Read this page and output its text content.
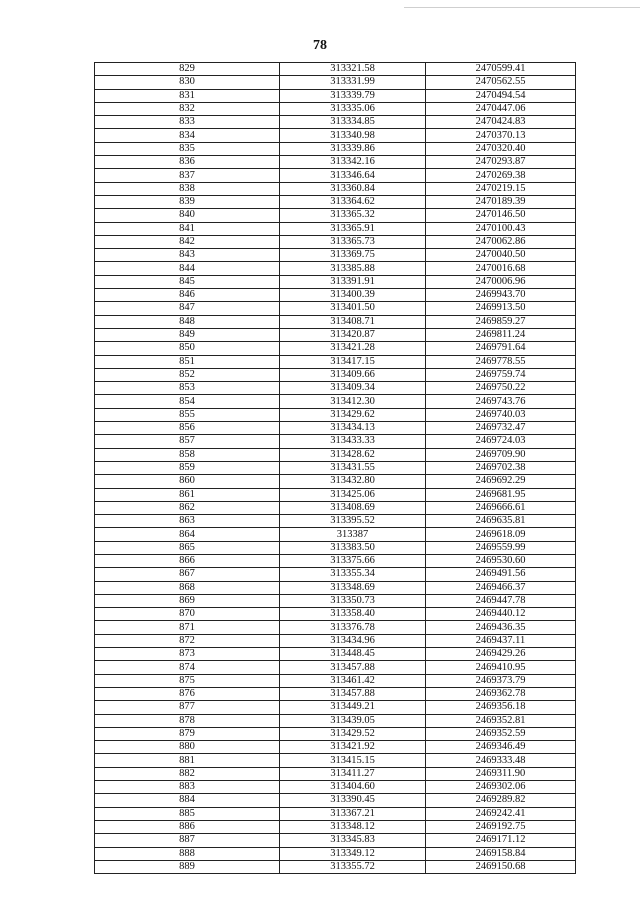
78
829	313321.58	2470599.41
830	313331.99	2470562.55
831	313339.79	2470494.54
832	313335.06	2470447.06
833	313334.85	2470424.83
834	313340.98	2470370.13
835	313339.86	2470320.40
836	313342.16	2470293.87
837	313346.64	2470269.38
838	313360.84	2470219.15
839	313364.62	2470189.39
840	313365.32	2470146.50
841	313365.91	2470100.43
842	313365.73	2470062.86
843	313369.75	2470040.50
844	313385.88	2470016.68
845	313391.91	2470006.96
846	313400.39	2469943.70
847	313401.50	2469913.50
848	313408.71	2469859.27
849	313420.87	2469811.24
850	313421.28	2469791.64
851	313417.15	2469778.55
852	313409.66	2469759.74
853	313409.34	2469750.22
854	313412.30	2469743.76
855	313429.62	2469740.03
856	313434.13	2469732.47
857	313433.33	2469724.03
858	313428.62	2469709.90
859	313431.55	2469702.38
860	313432.80	2469692.29
861	313425.06	2469681.95
862	313408.69	2469666.61
863	313395.52	2469635.81
864	313387	2469618.09
865	313383.50	2469559.99
866	313375.66	2469530.60
867	313355.34	2469491.56
868	313348.69	2469466.37
869	313350.73	2469447.78
870	313358.40	2469440.12
871	313376.78	2469436.35
872	313434.96	2469437.11
873	313448.45	2469429.26
874	313457.88	2469410.95
875	313461.42	2469373.79
876	313457.88	2469362.78
877	313449.21	2469356.18
878	313439.05	2469352.81
879	313429.52	2469352.59
880	313421.92	2469346.49
881	313415.15	2469333.48
882	313411.27	2469311.90
883	313404.60	2469302.06
884	313390.45	2469289.82
885	313367.21	2469242.41
886	313348.12	2469192.75
887	313345.83	2469171.12
888	313349.12	2469158.84
889	313355.72	2469150.68
